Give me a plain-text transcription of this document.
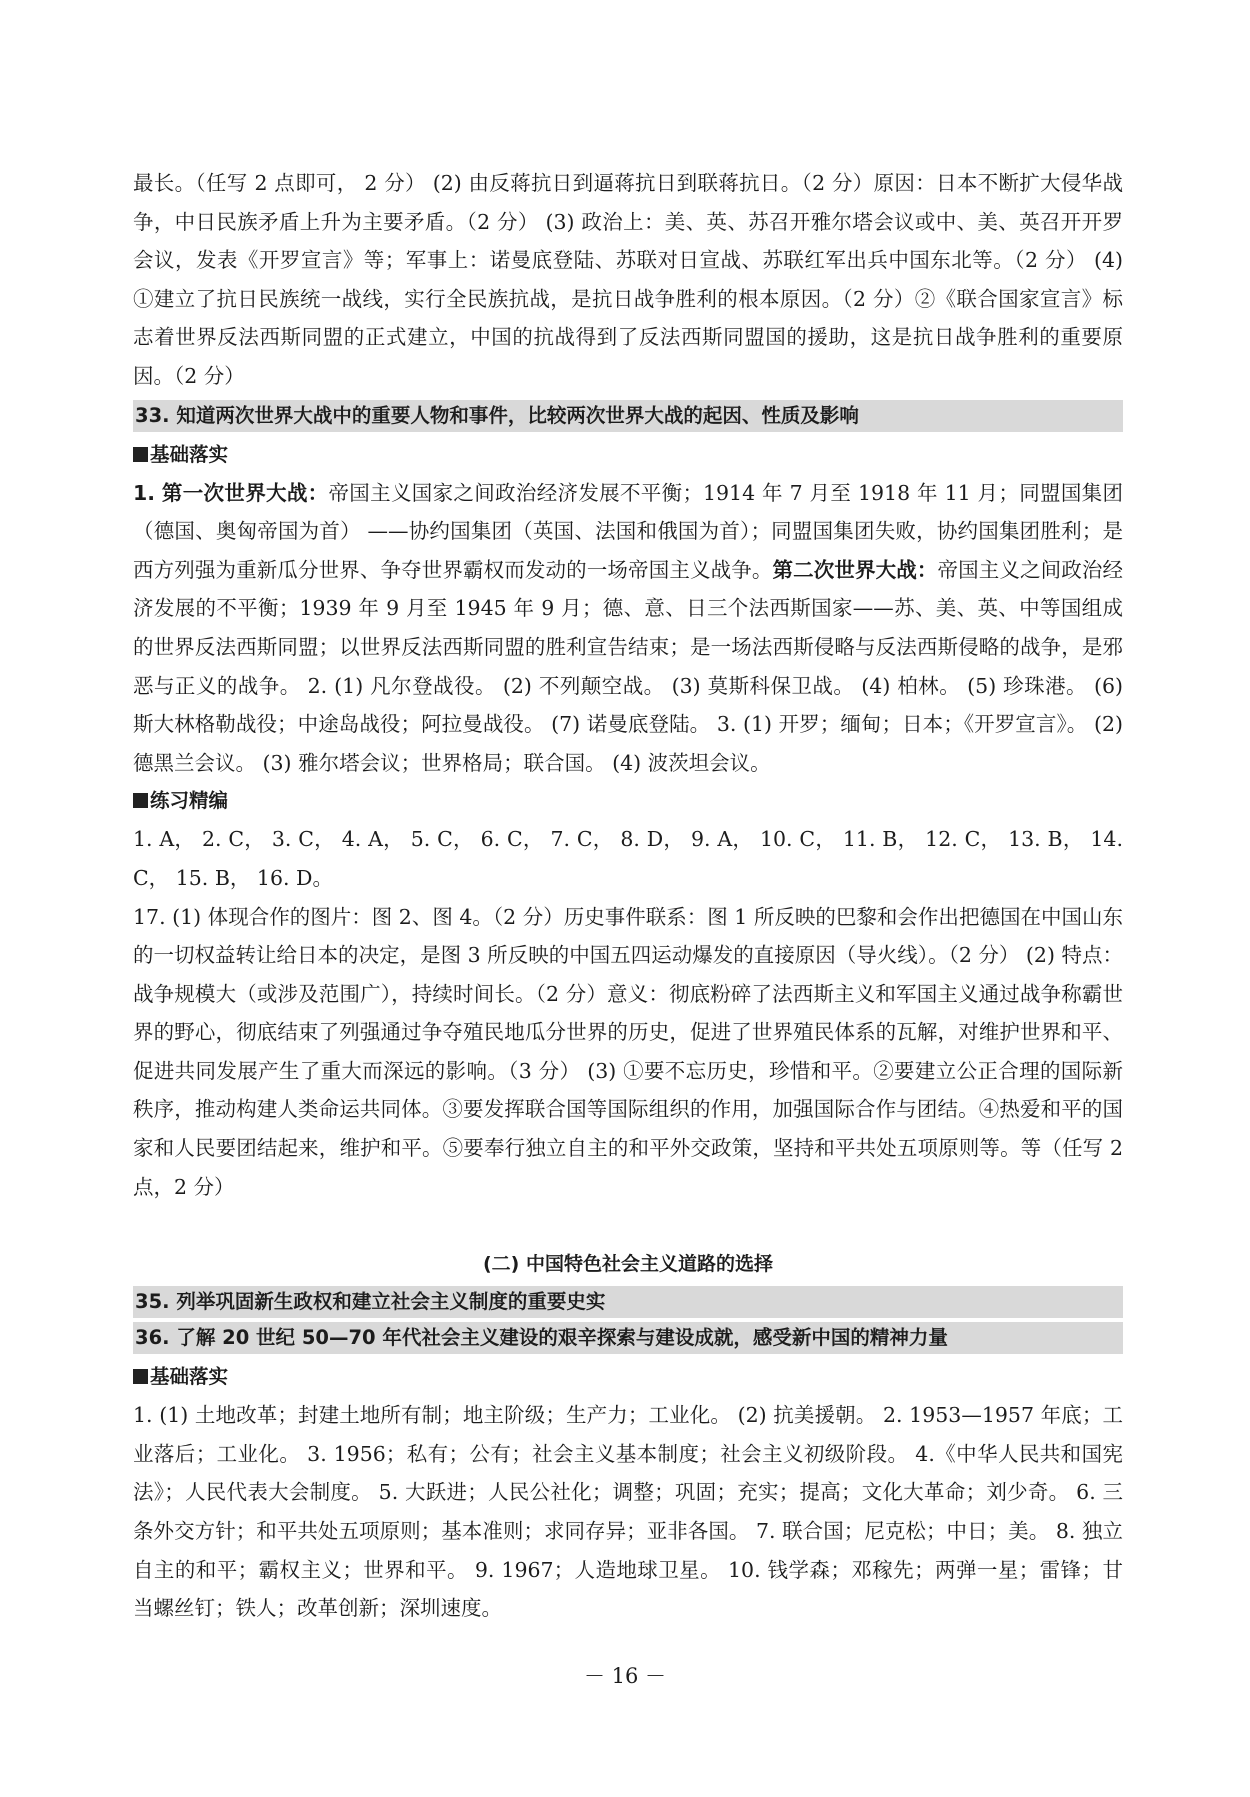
最长。（任写 2 点即可， 2 分） (2) 由反蒋抗日到逼蒋抗日到联蒋抗日。（2 分）原因：日本不断扩大侵华战争，中日民族矛盾上升为主要矛盾。（2 分） (3) 政治上：美、英、苏召开雅尔塔会议或中、美、英召开开罗会议，发表《开罗宣言》等；军事上：诺曼底登陆、苏联对日宣战、苏联红军出兵中国东北等。（2 分） (4) ①建立了抗日民族统一战线，实行全民族抗战，是抗日战争胜利的根本原因。（2 分）②《联合国家宣言》标志着世界反法西斯同盟的正式建立，中国的抗战得到了反法西斯同盟国的援助，这是抗日战争胜利的重要原因。（2 分）

33. 知道两次世界大战中的重要人物和事件，比较两次世界大战的起因、性质及影响

基础落实

1. 第一次世界大战：帝国主义国家之间政治经济发展不平衡；1914 年 7 月至 1918 年 11 月；同盟国集团（德国、奥匈帝国为首） ——协约国集团（英国、法国和俄国为首）；同盟国集团失败，协约国集团胜利；是西方列强为重新瓜分世界、争夺世界霸权而发动的一场帝国主义战争。第二次世界大战：帝国主义之间政治经济发展的不平衡；1939 年 9 月至 1945 年 9 月；德、意、日三个法西斯国家——苏、美、英、中等国组成的世界反法西斯同盟；以世界反法西斯同盟的胜利宣告结束；是一场法西斯侵略与反法西斯侵略的战争，是邪恶与正义的战争。 2. (1) 凡尔登战役。 (2) 不列颠空战。 (3) 莫斯科保卫战。 (4) 柏林。 (5) 珍珠港。 (6) 斯大林格勒战役；中途岛战役；阿拉曼战役。 (7) 诺曼底登陆。 3. (1) 开罗；缅甸；日本；《开罗宣言》。 (2) 德黑兰会议。 (3) 雅尔塔会议；世界格局；联合国。 (4) 波茨坦会议。

练习精编

1. A， 2. C， 3. C， 4. A， 5. C， 6. C， 7. C， 8. D， 9. A， 10. C， 11. B， 12. C， 13. B， 14. C， 15. B， 16. D。

17. (1) 体现合作的图片：图 2、图 4。（2 分）历史事件联系：图 1 所反映的巴黎和会作出把德国在中国山东的一切权益转让给日本的决定，是图 3 所反映的中国五四运动爆发的直接原因（导火线）。（2 分） (2) 特点：战争规模大（或涉及范围广），持续时间长。（2 分）意义：彻底粉碎了法西斯主义和军国主义通过战争称霸世界的野心，彻底结束了列强通过争夺殖民地瓜分世界的历史，促进了世界殖民体系的瓦解，对维护世界和平、促进共同发展产生了重大而深远的影响。（3 分） (3) ①要不忘历史，珍惜和平。②要建立公正合理的国际新秩序，推动构建人类命运共同体。③要发挥联合国等国际组织的作用，加强国际合作与团结。④热爱和平的国家和人民要团结起来，维护和平。⑤要奉行独立自主的和平外交政策，坚持和平共处五项原则等。等（任写 2 点，2 分）

(二) 中国特色社会主义道路的选择

35. 列举巩固新生政权和建立社会主义制度的重要史实
36. 了解 20 世纪 50—70 年代社会主义建设的艰辛探索与建设成就，感受新中国的精神力量

基础落实

1. (1) 土地改革；封建土地所有制；地主阶级；生产力；工业化。 (2) 抗美援朝。 2. 1953—1957 年底；工业落后；工业化。 3. 1956；私有；公有；社会主义基本制度；社会主义初级阶段。 4.《中华人民共和国宪法》；人民代表大会制度。 5. 大跃进；人民公社化；调整；巩固；充实；提高；文化大革命；刘少奇。 6. 三条外交方针；和平共处五项原则；基本准则；求同存异；亚非各国。 7. 联合国；尼克松；中日；美。 8. 独立自主的和平；霸权主义；世界和平。 9. 1967；人造地球卫星。 10. 钱学森；邓稼先；两弹一星；雷锋；甘当螺丝钉；铁人；改革创新；深圳速度。

－ 16 －
